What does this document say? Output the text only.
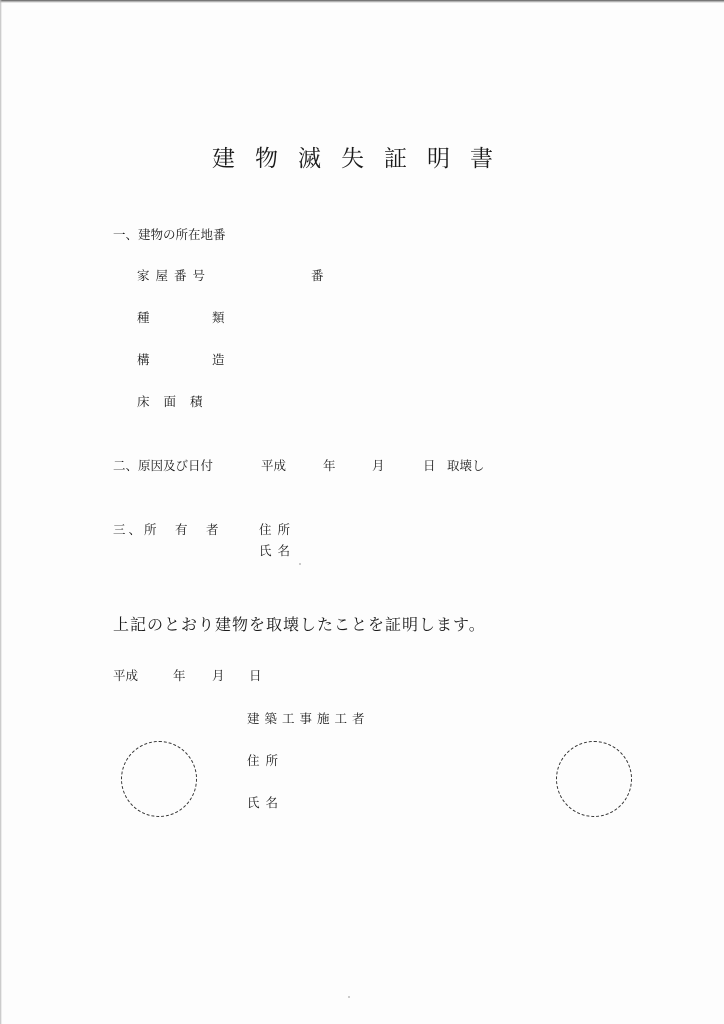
建物滅失証明書
一、建物の所在地番
家屋番号	番
種	類
構	造
床面積
二、原因及び日付	平成	年	月	日 取壊し
三、所　有　者	住所
氏名
上記のとおり建物を取壊したことを証明します。
平成	年 月 日
建築工事施工者
住所
氏名
